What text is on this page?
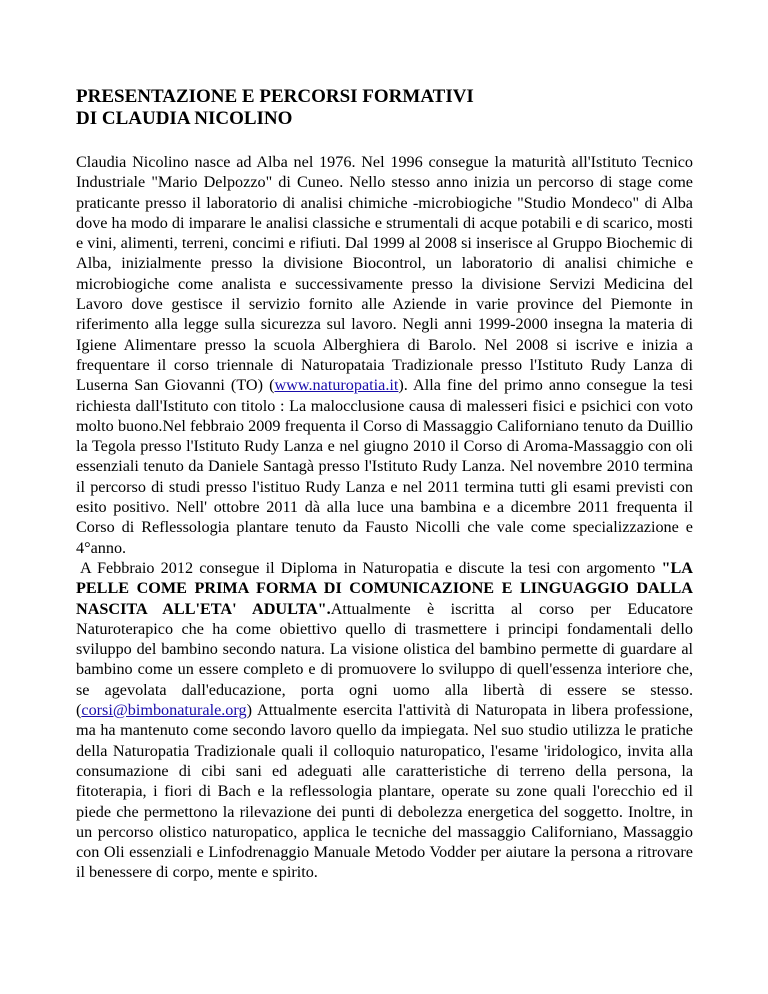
PRESENTAZIONE E PERCORSI FORMATIVI
DI CLAUDIA NICOLINO

Claudia Nicolino nasce ad Alba nel 1976. Nel 1996 consegue la maturità all'Istituto Tecnico Industriale "Mario Delpozzo" di Cuneo. Nello stesso anno inizia un percorso di stage come praticante presso il laboratorio di analisi chimiche -microbiogiche "Studio Mondeco" di Alba dove ha modo di imparare le analisi classiche e strumentali di acque potabili e di scarico, mosti e vini, alimenti, terreni, concimi e rifiuti. Dal 1999 al 2008 si inserisce al Gruppo Biochemic di Alba, inizialmente presso la divisione Biocontrol, un laboratorio di analisi chimiche e microbiogiche come analista e successivamente presso la divisione Servizi Medicina del Lavoro dove gestisce il servizio fornito alle Aziende in varie province del Piemonte in riferimento alla legge sulla sicurezza sul lavoro. Negli anni 1999-2000 insegna la materia di Igiene Alimentare presso la scuola Alberghiera di Barolo. Nel 2008 si iscrive e inizia a frequentare il corso triennale di Naturopataia Tradizionale presso l'Istituto Rudy Lanza di Luserna San Giovanni (TO) (www.naturopatia.it). Alla fine del primo anno consegue la tesi richiesta dall'Istituto con titolo : La malocclusione causa di malesseri fisici e psichici con voto molto buono.Nel febbraio 2009 frequenta il Corso di Massaggio Californiano tenuto da Duillio la Tegola presso l'Istituto Rudy Lanza e nel giugno 2010 il Corso di Aroma-Massaggio con oli essenziali tenuto da Daniele Santagà presso l'Istituto Rudy Lanza. Nel novembre 2010 termina il percorso di studi presso l'istituo Rudy Lanza e nel 2011 termina tutti gli esami previsti con esito positivo. Nell' ottobre 2011 dà alla luce una bambina e a dicembre 2011 frequenta il Corso di Reflessologia plantare tenuto da Fausto Nicolli che vale come specializzazione e 4°anno.

A Febbraio 2012 consegue il Diploma in Naturopatia e discute la tesi con argomento "LA PELLE COME PRIMA FORMA DI COMUNICAZIONE E LINGUAGGIO DALLA NASCITA ALL'ETA' ADULTA".Attualmente è iscritta al corso per Educatore Naturoterapico che ha come obiettivo quello di trasmettere i principi fondamentali dello sviluppo del bambino secondo natura. La visione olistica del bambino permette di guardare al bambino come un essere completo e di promuovere lo sviluppo di quell'essenza interiore che, se agevolata dall'educazione, porta ogni uomo alla libertà di essere se stesso. (corsi@bimbonaturale.org) Attualmente esercita l'attività di Naturopata in libera professione, ma ha mantenuto come secondo lavoro quello da impiegata. Nel suo studio utilizza le pratiche della Naturopatia Tradizionale quali il colloquio naturopatico, l'esame 'iridologico, invita alla consumazione di cibi sani ed adeguati alle caratteristiche di terreno della persona, la fitoterapia, i fiori di Bach e la reflessologia plantare, operate su zone quali l'orecchio ed il piede che permettono la rilevazione dei punti di debolezza energetica del soggetto. Inoltre, in un percorso olistico naturopatico, applica le tecniche del massaggio Californiano, Massaggio con Oli essenziali e Linfodrenaggio Manuale Metodo Vodder per aiutare la persona a ritrovare il benessere di corpo, mente e spirito.
